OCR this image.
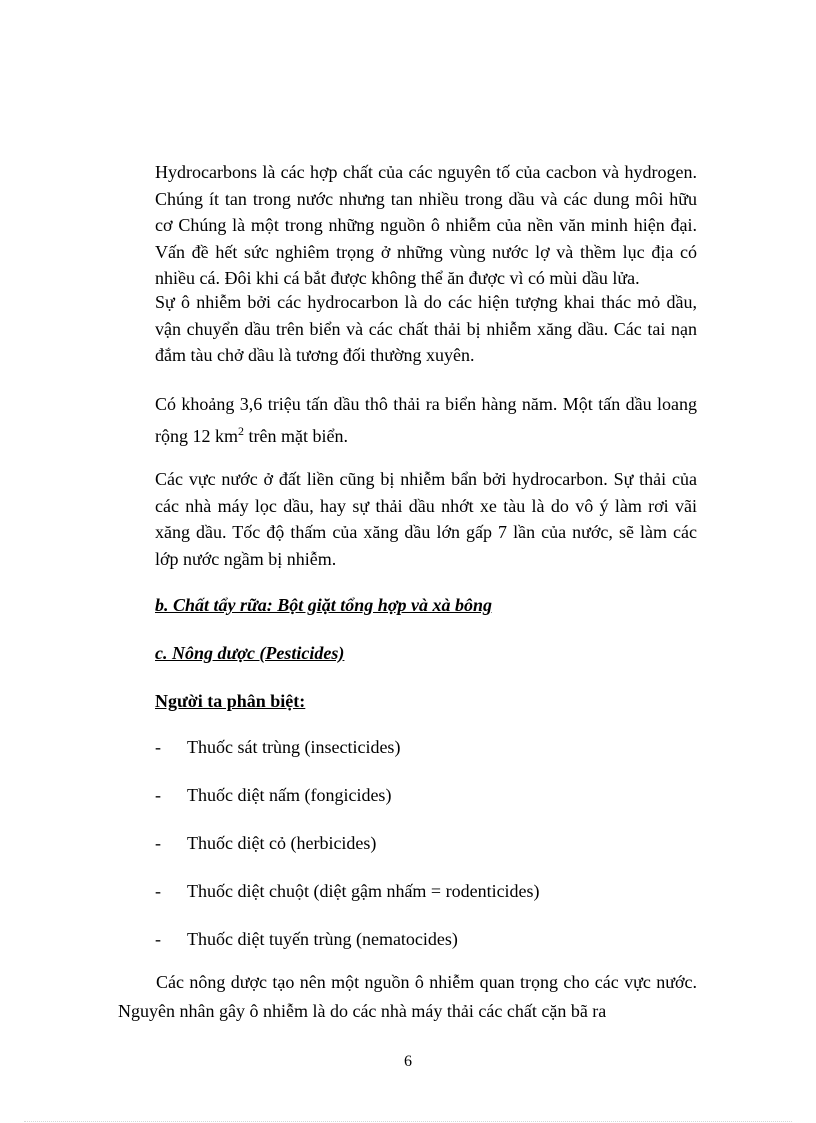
Hydrocarbons là các hợp chất của các nguyên tố của cacbon và hydrogen. Chúng ít tan trong nước nhưng tan nhiều trong dầu và các dung môi hữu cơ Chúng là một trong những nguồn ô nhiễm của nền văn minh hiện đại. Vấn đề hết sức nghiêm trọng ở những vùng nước lợ và thềm lục địa có nhiều cá. Đôi khi cá bắt được không thể ăn được vì có mùi dầu lửa.

Sự ô nhiễm bởi các hydrocarbon là do các hiện tượng khai thác mỏ dầu, vận chuyển dầu trên biển và các chất thải bị nhiễm xăng dầu. Các tai nạn đắm tàu chở dầu là tương đối thường xuyên.

Có khoảng 3,6 triệu tấn dầu thô thải ra biển hàng năm. Một tấn dầu loang rộng 12 $km^2$ trên mặt biển.

Các vực nước ở đất liền cũng bị nhiễm bẩn bởi hydrocarbon. Sự thải của các nhà máy lọc dầu, hay sự thải dầu nhớt xe tàu là do vô ý làm rơi vãi xăng dầu. Tốc độ thấm của xăng dầu lớn gấp 7 lần của nước, sẽ làm các lớp nước ngầm bị nhiễm.

b. Chất tẩy rữa: Bột giặt tổng hợp và xà bông

c. Nông dược (Pesticides)

Người ta phân biệt:

-	Thuốc sát trùng (insecticides)
-	Thuốc diệt nấm (fongicides)
-	Thuốc diệt cỏ (herbicides)
-	Thuốc diệt chuột (diệt gậm nhấm = rodenticides)
-	Thuốc diệt tuyến trùng (nematocides)

Các nông dược tạo nên một nguồn ô nhiễm quan trọng cho các vực nước. Nguyên nhân gây ô nhiễm là do các nhà máy thải các chất cặn bã ra

6
